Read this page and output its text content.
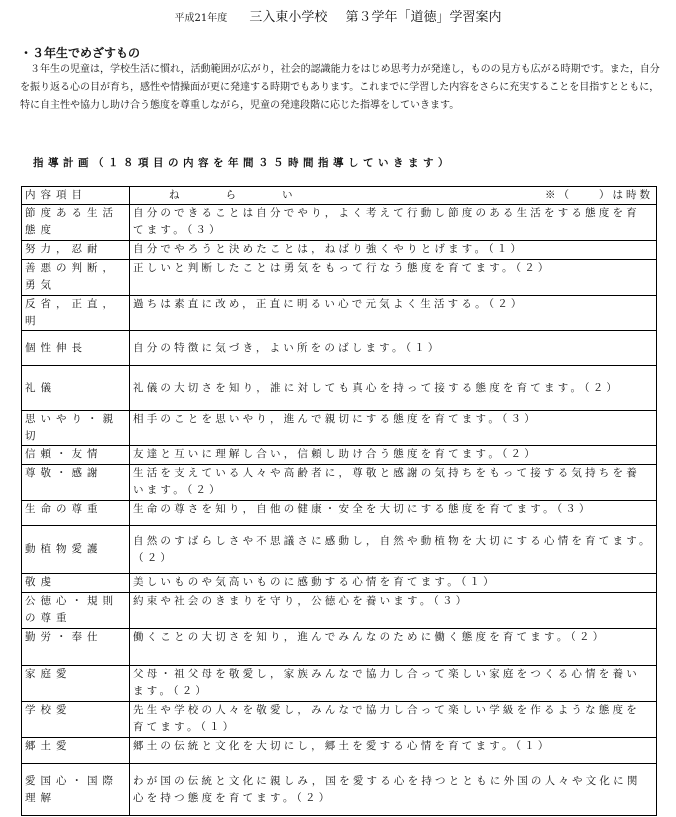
平成21年度 三入東小学校 第３学年「道徳」学習案内
・３年生でめざすもの
３年生の児童は，学校生活に慣れ，活動範囲が広がり，社会的認識能力をはじめ思考力が発達し，ものの見方も広がる時期です。また，自分を振り返る心の目が育ち，感性や情操面が更に発達する時期でもあります。これまでに学習した内容をさらに充実することを目指すとともに，特に自主性や協力し助け合う態度を尊重しながら，児童の発達段階に応じた指導をしていきます。
指導計画（１８項目の内容を年間３５時間指導していきます）
内容項目	ねらい ※（　　）は時数

節度ある生活態度	自分のできることは自分でやり，よく考えて行動し節度のある生活をする態度を育てます。（３）
努力，忍耐	自分でやろうと決めたことは，ねばり強くやりとげます。（１）
善悪の判断，勇気	正しいと判断したことは勇気をもって行なう態度を育てます。（２）
反省，正直，明	過ちは素直に改め，正直に明るい心で元気よく生活する。（２）
個性伸長	自分の特徴に気づき，よい所をのばします。（１）
礼儀	礼儀の大切さを知り，誰に対しても真心を持って接する態度を育てます。（２）
思いやり・親切	相手のことを思いやり，進んで親切にする態度を育てます。（３）
信頼・友情	友達と互いに理解し合い，信頼し助け合う態度を育てます。（２）
尊敬・感謝	生活を支えている人々や高齢者に，尊敬と感謝の気持ちをもって接する気持ちを養います。（２）
生命の尊重	生命の尊さを知り，自他の健康・安全を大切にする態度を育てます。（３）
動植物愛護	自然のすばらしさや不思議さに感動し，自然や動植物を大切にする心情を育てます。（２）
敬虔	美しいものや気高いものに感動する心情を育てます。（１）
公徳心・規則の尊重	約束や社会のきまりを守り，公徳心を養います。（３）
勤労・奉仕	働くことの大切さを知り，進んでみんなのために働く態度を育てます。（２）
家庭愛	父母・祖父母を敬愛し，家族みんなで協力し合って楽しい家庭をつくる心情を養います。（２）
学校愛	先生や学校の人々を敬愛し，みんなで協力し合って楽しい学級を作るような態度を育てます。（１）
郷土愛	郷土の伝統と文化を大切にし，郷土を愛する心情を育てます。（１）
愛国心・国際理解	わが国の伝統と文化に親しみ，国を愛する心を持つとともに外国の人々や文化に関心を持つ態度を育てます。（２）
